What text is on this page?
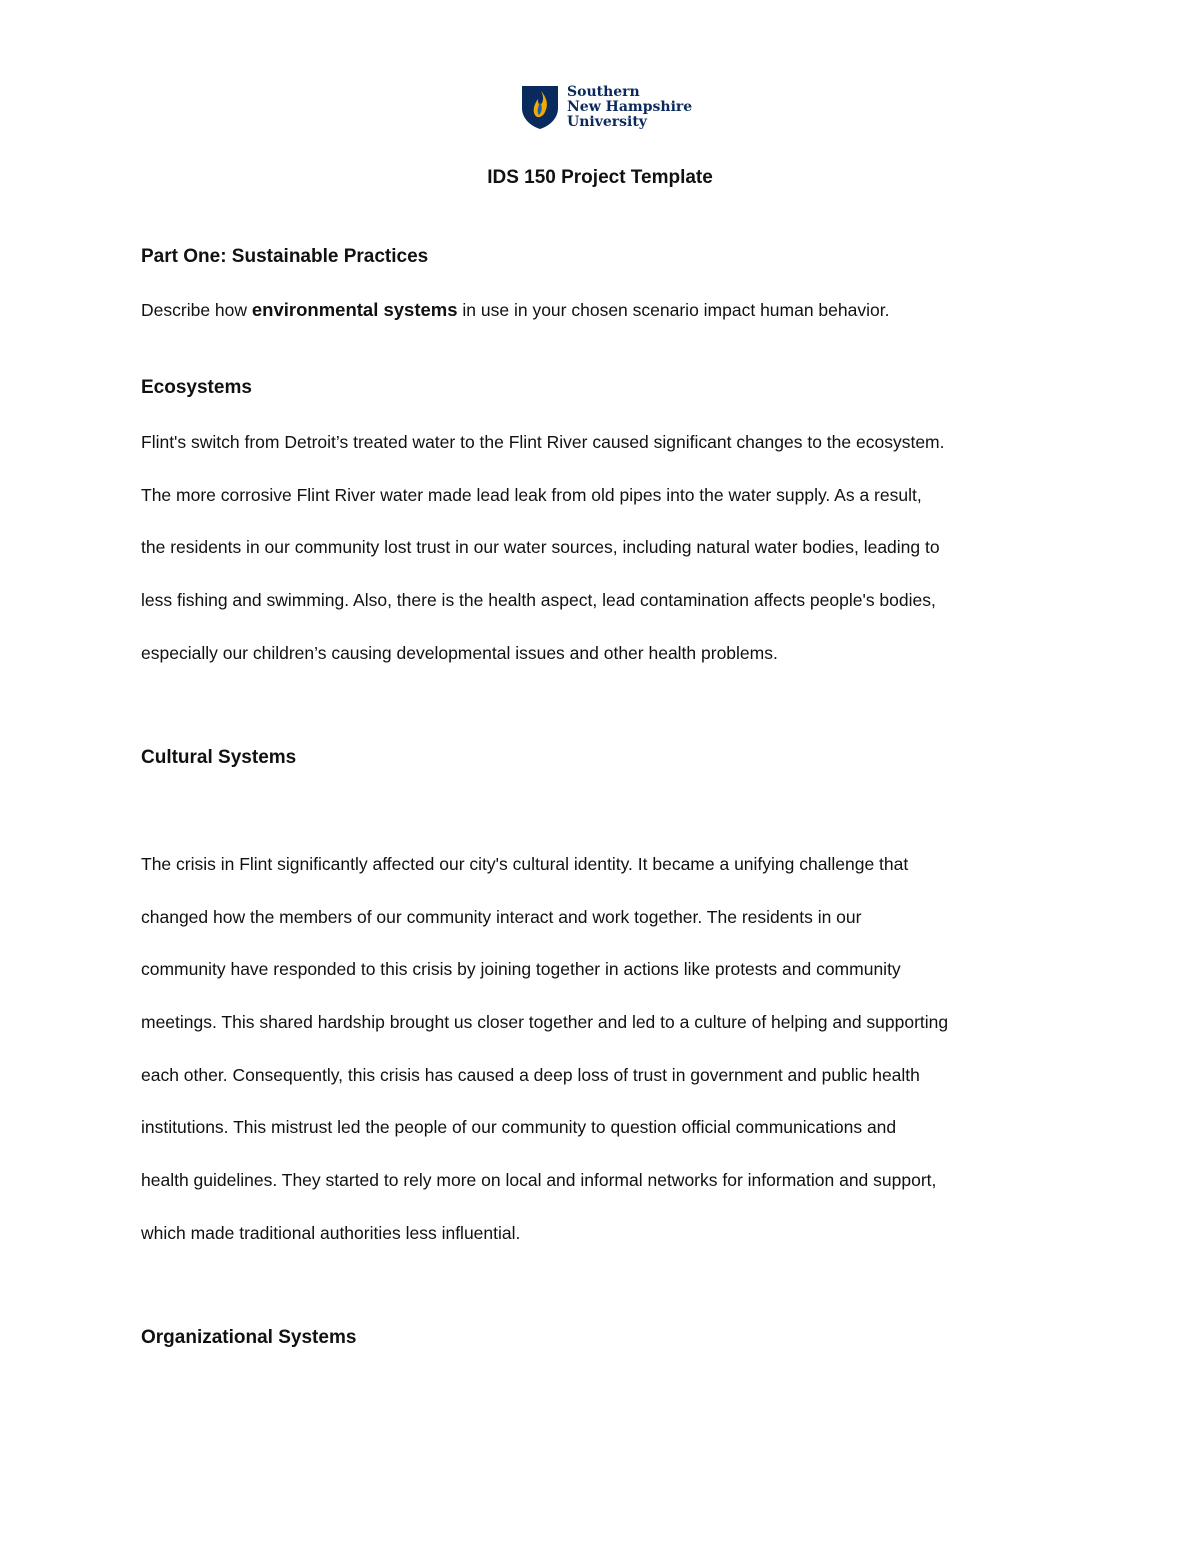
Southern
New Hampshire
University
IDS 150 Project Template
Part One: Sustainable Practices

Describe how environmental systems in use in your chosen scenario impact human behavior.

Ecosystems

Flint's switch from Detroit’s treated water to the Flint River caused significant changes to the ecosystem.

The more corrosive Flint River water made lead leak from old pipes into the water supply. As a result,

the residents in our community lost trust in our water sources, including natural water bodies, leading to

less fishing and swimming. Also, there is the health aspect, lead contamination affects people's bodies,

especially our children’s causing developmental issues and other health problems.

Cultural Systems

The crisis in Flint significantly affected our city's cultural identity. It became a unifying challenge that

changed how the members of our community interact and work together. The residents in our

community have responded to this crisis by joining together in actions like protests and community

meetings. This shared hardship brought us closer together and led to a culture of helping and supporting

each other. Consequently, this crisis has caused a deep loss of trust in government and public health

institutions. This mistrust led the people of our community to question official communications and

health guidelines. They started to rely more on local and informal networks for information and support,

which made traditional authorities less influential.

Organizational Systems
